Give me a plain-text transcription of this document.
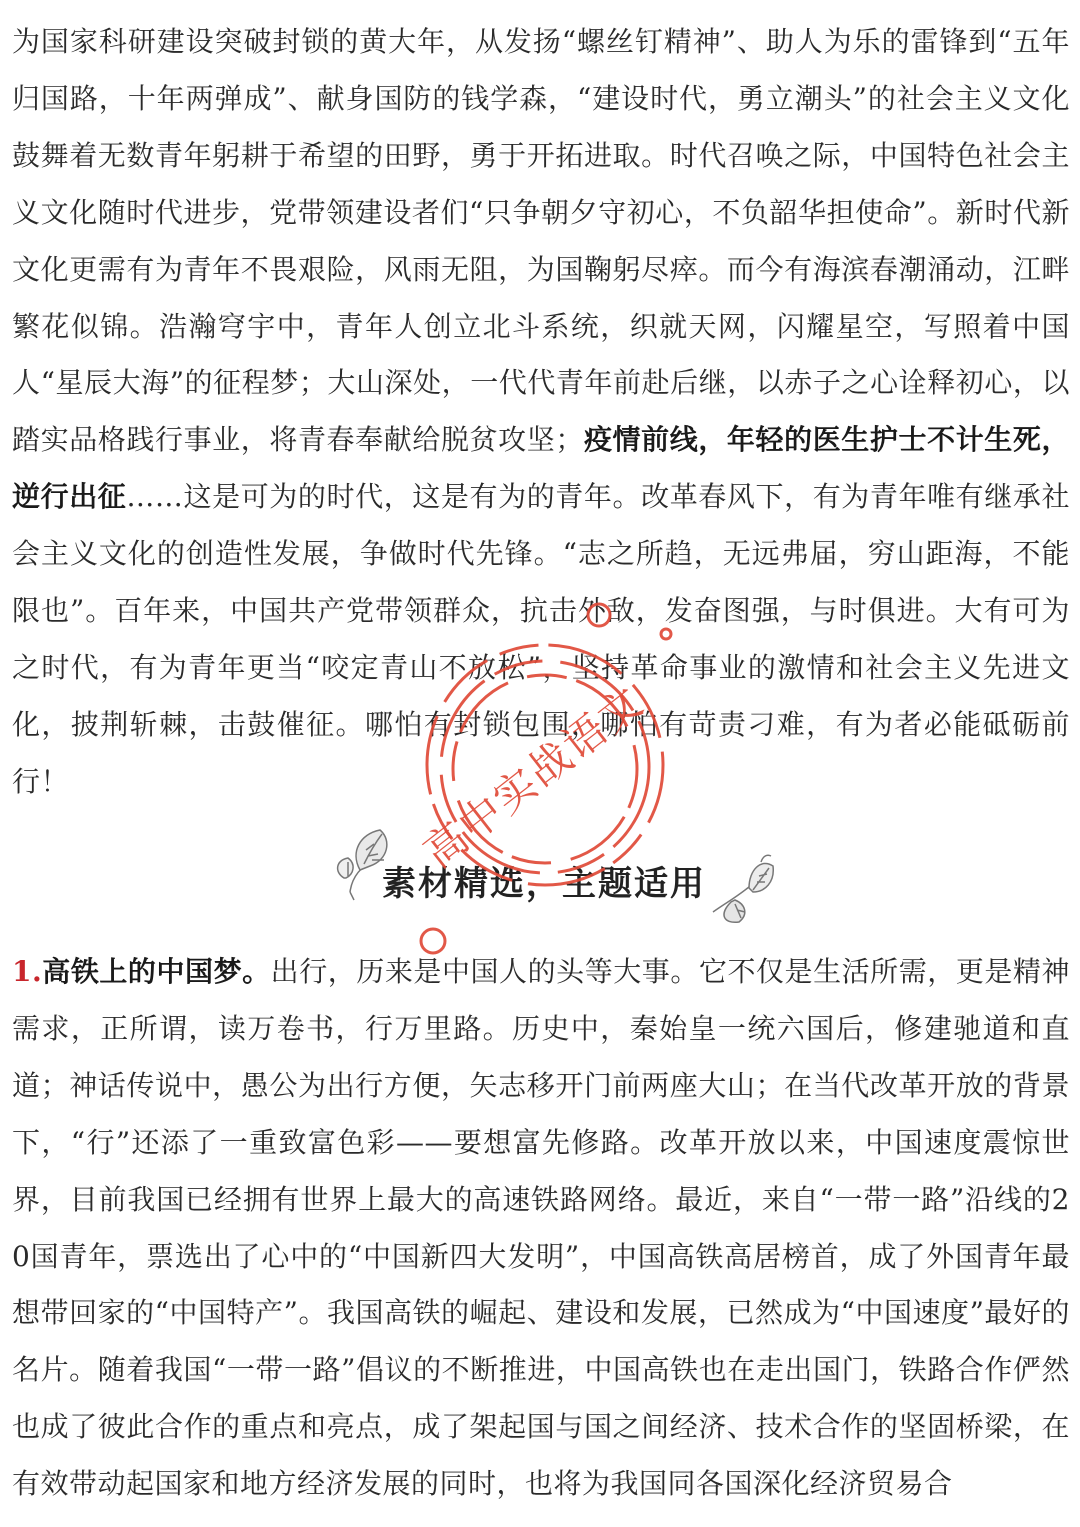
为国家科研建设突破封锁的黄大年，从发扬“螺丝钉精神”、助人为乐的雷锋到“五年归国路，十年两弹成”、献身国防的钱学森，“建设时代，勇立潮头”的社会主义文化鼓舞着无数青年躬耕于希望的田野，勇于开拓进取。时代召唤之际，中国特色社会主义文化随时代进步，党带领建设者们“只争朝夕守初心，不负韶华担使命”。新时代新文化更需有为青年不畏艰险，风雨无阻，为国鞠躬尽瘁。而今有海滨春潮涌动，江畔繁花似锦。浩瀚穹宇中，青年人创立北斗系统，织就天网，闪耀星空，写照着中国人“星辰大海”的征程梦；大山深处，一代代青年前赴后继，以赤子之心诠释初心，以踏实品格践行事业，将青春奉献给脱贫攻坚；疫情前线，年轻的医生护士不计生死，逆行出征……这是可为的时代，这是有为的青年。改革春风下，有为青年唯有继承社会主义文化的创造性发展，争做时代先锋。“志之所趋，无远弗届，穷山距海，不能限也”。百年来，中国共产党带领群众，抗击外敌，发奋图强，与时俱进。大有可为之时代，有为青年更当“咬定青山不放松”，坚持革命事业的激情和社会主义先进文化，披荆斩棘，击鼓催征。哪怕有封锁包围，哪怕有苛责刁难，有为者必能砥砺前行！

素材精选，主题适用

1.高铁上的中国梦。出行，历来是中国人的头等大事。它不仅是生活所需，更是精神需求，正所谓，读万卷书，行万里路。历史中，秦始皇一统六国后，修建驰道和直道；神话传说中，愚公为出行方便，矢志移开门前两座大山；在当代改革开放的背景下，“行”还添了一重致富色彩——要想富先修路。改革开放以来，中国速度震惊世界，目前我国已经拥有世界上最大的高速铁路网络。最近，来自“一带一路”沿线的20国青年，票选出了心中的“中国新四大发明”，中国高铁高居榜首，成了外国青年最想带回家的“中国特产”。我国高铁的崛起、建设和发展，已然成为“中国速度”最好的名片。随着我国“一带一路”倡议的不断推进，中国高铁也在走出国门，铁路合作俨然也成了彼此合作的重点和亮点，成了架起国与国之间经济、技术合作的坚固桥梁，在有效带动起国家和地方经济发展的同时，也将为我国同各国深化经济贸易合

高中实战语文
